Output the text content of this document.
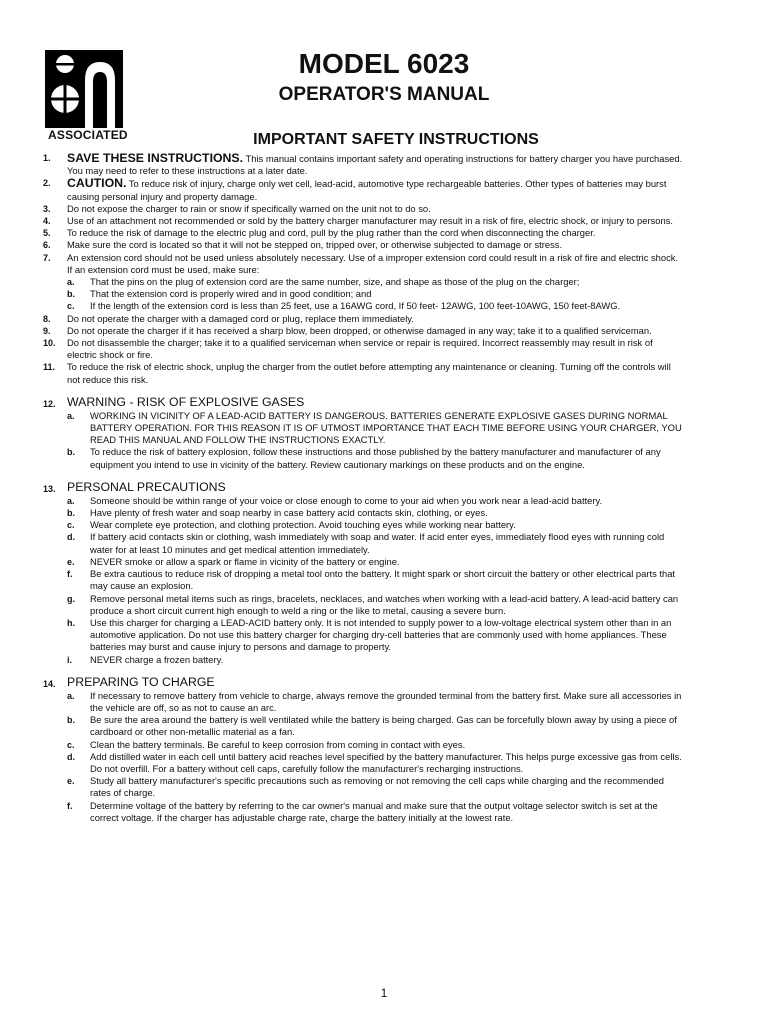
ASSOCIATED
MODEL 6023
OPERATOR'S MANUAL
IMPORTANT SAFETY INSTRUCTIONS
1. SAVE THESE INSTRUCTIONS. This manual contains important safety and operating instructions for battery charger you have purchased. You may need to refer to these instructions at a later date.
2. CAUTION. To reduce risk of injury, charge only wet cell, lead-acid, automotive type rechargeable batteries. Other types of batteries may burst causing personal injury and property damage.
3. Do not expose the charger to rain or snow if specifically warned on the unit not to do so.
4. Use of an attachment not recommended or sold by the battery charger manufacturer may result in a risk of fire, electric shock, or injury to persons.
5. To reduce the risk of damage to the electric plug and cord, pull by the plug rather than the cord when disconnecting the charger.
6. Make sure the cord is located so that it will not be stepped on, tripped over, or otherwise subjected to damage or stress.
7. An extension cord should not be used unless absolutely necessary. Use of a improper extension cord could result in a risk of fire and electric shock. If an extension cord must be used, make sure:
a. That the pins on the plug of extension cord are the same number, size, and shape as those of the plug on the charger;
b. That the extension cord is properly wired and in good condition; and
c. If the length of the extension cord is less than 25 feet, use a 16AWG cord, If 50 feet- 12AWG, 100 feet-10AWG, 150 feet-8AWG.
8. Do not operate the charger with a damaged cord or plug, replace them immediately.
9. Do not operate the charger if it has received a sharp blow, been dropped, or otherwise damaged in any way; take it to a qualified serviceman.
10. Do not disassemble the charger; take it to a qualified serviceman when service or repair is required. Incorrect reassembly may result in risk of electric shock or fire.
11. To reduce the risk of electric shock, unplug the charger from the outlet before attempting any maintenance or cleaning. Turning off the controls will not reduce this risk.
12. WARNING - RISK OF EXPLOSIVE GASES
a. WORKING IN VICINITY OF A LEAD-ACID BATTERY IS DANGEROUS. BATTERIES GENERATE EXPLOSIVE GASES DURING NORMAL BATTERY OPERATION. FOR THIS REASON IT IS OF UTMOST IMPORTANCE THAT EACH TIME BEFORE USING YOUR CHARGER, YOU READ THIS MANUAL AND FOLLOW THE INSTRUCTIONS EXACTLY.
b. To reduce the risk of battery explosion, follow these instructions and those published by the battery manufacturer and manufacturer of any equipment you intend to use in vicinity of the battery. Review cautionary markings on these products and on the engine.
13. PERSONAL PRECAUTIONS
a. Someone should be within range of your voice or close enough to come to your aid when you work near a lead-acid battery.
b. Have plenty of fresh water and soap nearby in case battery acid contacts skin, clothing, or eyes.
c. Wear complete eye protection, and clothing protection. Avoid touching eyes while working near battery.
d. If battery acid contacts skin or clothing, wash immediately with soap and water. If acid enter eyes, immediately flood eyes with running cold water for at least 10 minutes and get medical attention immediately.
e. NEVER smoke or allow a spark or flame in vicinity of the battery or engine.
f. Be extra cautious to reduce risk of dropping a metal tool onto the battery. It might spark or short circuit the battery or other electrical parts that may cause an explosion.
g. Remove personal metal items such as rings, bracelets, necklaces, and watches when working with a lead-acid battery. A lead-acid battery can produce a short circuit current high enough to weld a ring or the like to metal, causing a severe burn.
h. Use this charger for charging a LEAD-ACID battery only. It is not intended to supply power to a low-voltage electrical system other than in an automotive application. Do not use this battery charger for charging dry-cell batteries that are commonly used with home appliances. These batteries may burst and cause injury to persons and damage to property.
i. NEVER charge a frozen battery.
14. PREPARING TO CHARGE
a. If necessary to remove battery from vehicle to charge, always remove the grounded terminal from the battery first. Make sure all accessories in the vehicle are off, so as not to cause an arc.
b. Be sure the area around the battery is well ventilated while the battery is being charged. Gas can be forcefully blown away by using a piece of cardboard or other non-metallic material as a fan.
c. Clean the battery terminals. Be careful to keep corrosion from coming in contact with eyes.
d. Add distilled water in each cell until battery acid reaches level specified by the battery manufacturer. This helps purge excessive gas from cells. Do not overfill. For a battery without cell caps, carefully follow the manufacturer's recharging instructions.
e. Study all battery manufacturer's specific precautions such as removing or not removing the cell caps while charging and the recommended rates of charge.
f. Determine voltage of the battery by referring to the car owner's manual and make sure that the output voltage selector switch is set at the correct voltage. If the charger has adjustable charge rate, charge the battery initially at the lowest rate.
1
